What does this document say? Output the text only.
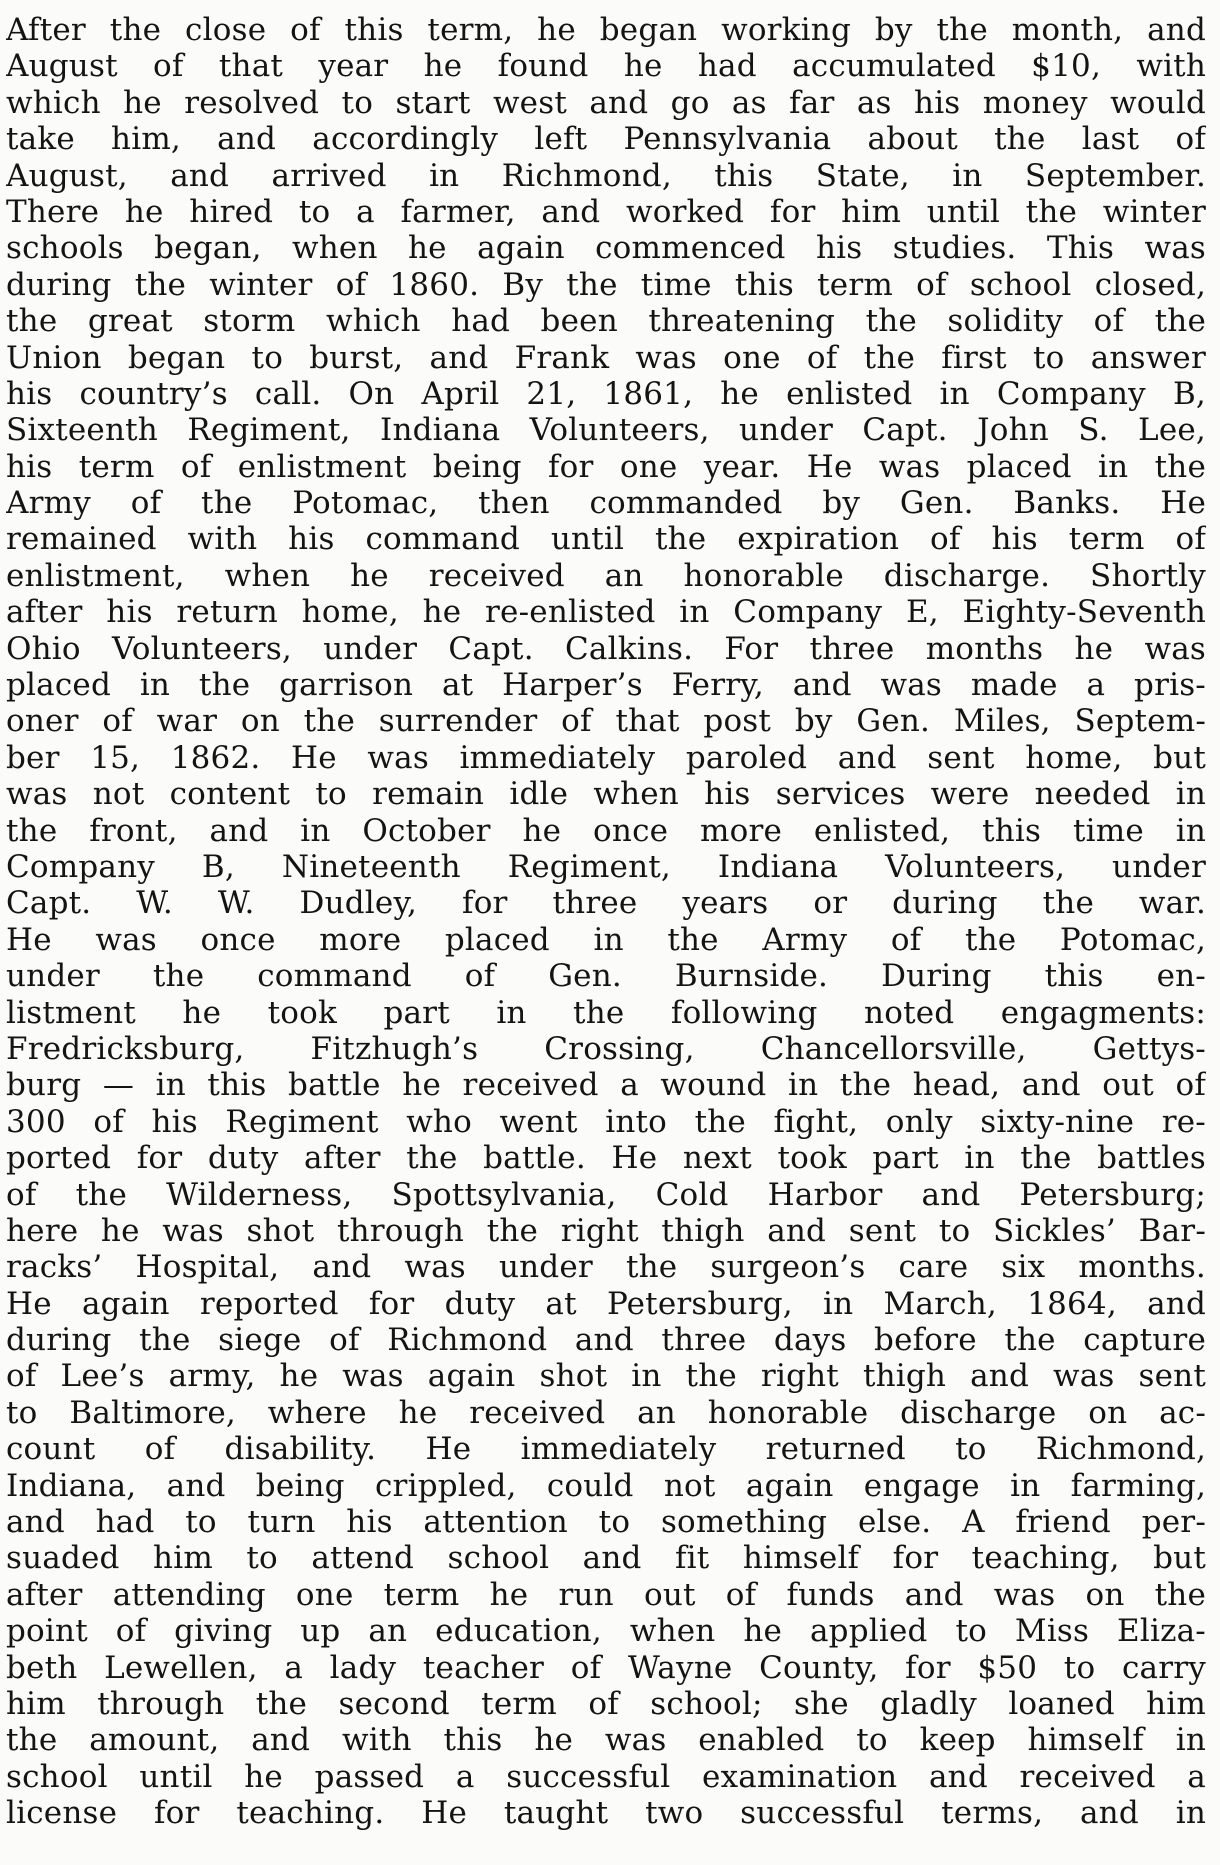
After the close of this term, he began working by the month, and
August of that year he found he had accumulated $10, with
which he resolved to start west and go as far as his money would
take him, and accordingly left Pennsylvania about the last of
August, and arrived in Richmond, this State, in September.
There he hired to a farmer, and worked for him until the winter
schools began, when he again commenced his studies. This was
during the winter of 1860. By the time this term of school closed,
the great storm which had been threatening the solidity of the
Union began to burst, and Frank was one of the first to answer
his country’s call. On April 21, 1861, he enlisted in Company B,
Sixteenth Regiment, Indiana Volunteers, under Capt. John S. Lee,
his term of enlistment being for one year. He was placed in the
Army of the Potomac, then commanded by Gen. Banks. He
remained with his command until the expiration of his term of
enlistment, when he received an honorable discharge. Shortly
after his return home, he re-enlisted in Company E, Eighty-Seventh
Ohio Volunteers, under Capt. Calkins. For three months he was
placed in the garrison at Harper’s Ferry, and was made a pris-
oner of war on the surrender of that post by Gen. Miles, Septem-
ber 15, 1862. He was immediately paroled and sent home, but
was not content to remain idle when his services were needed in
the front, and in October he once more enlisted, this time in
Company B, Nineteenth Regiment, Indiana Volunteers, under
Capt. W. W. Dudley, for three years or during the war.
He was once more placed in the Army of the Potomac,
under the command of Gen. Burnside. During this en-
listment he took part in the following noted engagments:
Fredricksburg, Fitzhugh’s Crossing, Chancellorsville, Gettys-
burg — in this battle he received a wound in the head, and out of
300 of his Regiment who went into the fight, only sixty-nine re-
ported for duty after the battle. He next took part in the battles
of the Wilderness, Spottsylvania, Cold Harbor and Petersburg;
here he was shot through the right thigh and sent to Sickles’ Bar-
racks’ Hospital, and was under the surgeon’s care six months.
He again reported for duty at Petersburg, in March, 1864, and
during the siege of Richmond and three days before the capture
of Lee’s army, he was again shot in the right thigh and was sent
to Baltimore, where he received an honorable discharge on ac-
count of disability. He immediately returned to Richmond,
Indiana, and being crippled, could not again engage in farming,
and had to turn his attention to something else. A friend per-
suaded him to attend school and fit himself for teaching, but
after attending one term he run out of funds and was on the
point of giving up an education, when he applied to Miss Eliza-
beth Lewellen, a lady teacher of Wayne County, for $50 to carry
him through the second term of school; she gladly loaned him
the amount, and with this he was enabled to keep himself in
school until he passed a successful examination and received a
license for teaching. He taught two successful terms, and in
